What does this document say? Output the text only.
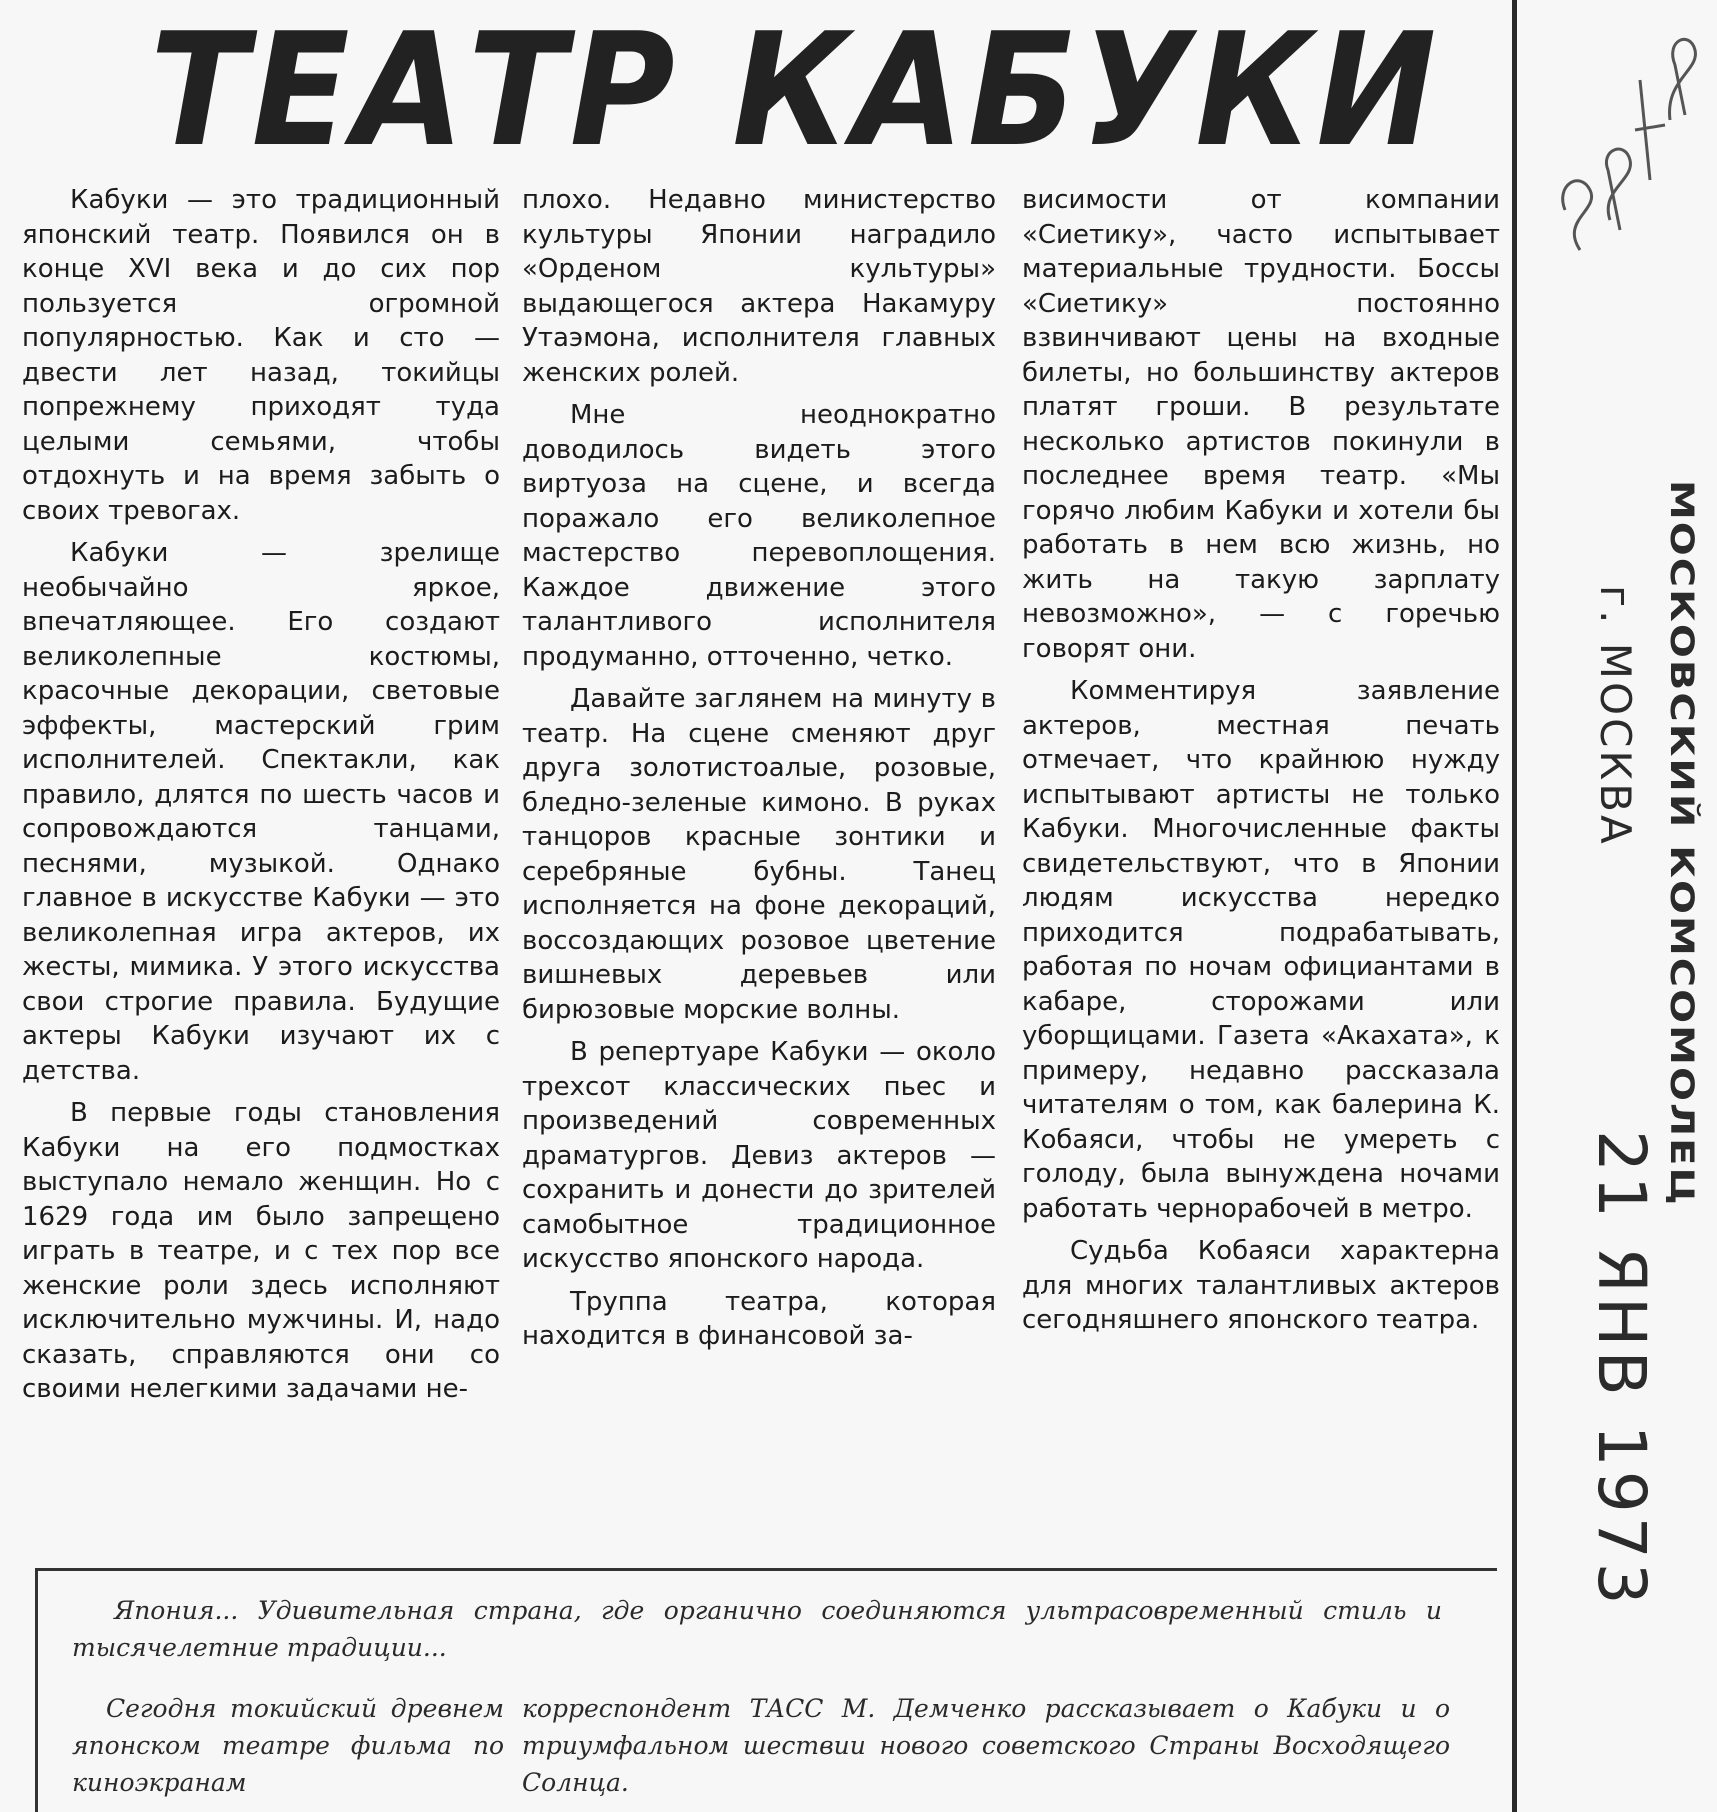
ТЕАТР КАБУКИ

Кабуки — это традиционный японский театр. Появился он в конце XVI века и до сих пор пользуется огромной популярностью. Как и сто — двести лет назад, токийцы попрежнему приходят туда целыми семьями, чтобы отдохнуть и на время забыть о своих тревогах.

Кабуки — зрелище необычайно яркое, впечатляющее. Его создают великолепные костюмы, красочные декорации, световые эффекты, мастерский грим исполнителей. Спектакли, как правило, длятся по шесть часов и сопровождаются танцами, песнями, музыкой. Однако главное в искусстве Кабуки — это великолепная игра актеров, их жесты, мимика. У этого искусства свои строгие правила. Будущие актеры Кабуки изучают их с детства.

В первые годы становления Кабуки на его подмостках выступало немало женщин. Но с 1629 года им было запрещено играть в театре, и с тех пор все женские роли здесь исполняют исключительно мужчины. И, надо сказать, справляются они со своими нелегкими задачами не-

плохо. Недавно министерство культуры Японии наградило «Орденом культуры» выдающегося актера Накамуру Утаэмона, исполнителя главных женских ролей.

Мне неоднократно доводилось видеть этого виртуоза на сцене, и всегда поражало его великолепное мастерство перевоплощения. Каждое движение этого талантливого исполнителя продуманно, отточенно, четко.

Давайте заглянем на минуту в театр. На сцене сменяют друг друга золотистоалые, розовые, бледно-зеленые кимоно. В руках танцоров красные зонтики и серебряные бубны. Танец исполняется на фоне декораций, воссоздающих розовое цветение вишневых деревьев или бирюзовые морские волны.

В репертуаре Кабуки — около трехсот классических пьес и произведений современных драматургов. Девиз актеров — сохранить и донести до зрителей самобытное традиционное искусство японского народа.

Труппа театра, которая находится в финансовой за-

висимости от компании «Сиетику», часто испытывает материальные трудности. Боссы «Сиетику» постоянно взвинчивают цены на входные билеты, но большинству актеров платят гроши. В результате несколько артистов покинули в последнее время театр. «Мы горячо любим Кабуки и хотели бы работать в нем всю жизнь, но жить на такую зарплату невозможно», — с горечью говорят они.

Комментируя заявление актеров, местная печать отмечает, что крайнюю нужду испытывают артисты не только Кабуки. Многочисленные факты свидетельствуют, что в Японии людям искусства нередко приходится подрабатывать, работая по ночам официантами в кабаре, сторожами или уборщицами. Газета «Акахата», к примеру, недавно рассказала читателям о том, как балерина К. Кобаяси, чтобы не умереть с голоду, была вынуждена ночами работать чернорабочей в метро.

Судьба Кобаяси характерна для многих талантливых актеров сегодняшнего японского театра.

Япония... Удивительная страна, где органично соединяются ультрасовременный стиль и тысячелетние традиции...
Сегодня токийский древнем японском театре фильма по киноэкранам
корреспондент ТАСС М. Демченко рассказывает о Кабуки и о триумфальном шествии нового советского Страны Восходящего Солнца.
МОСКОВСКИЙ КОМСОМОЛЕЦ
г. МОСКВА
21 ЯНВ 1973
